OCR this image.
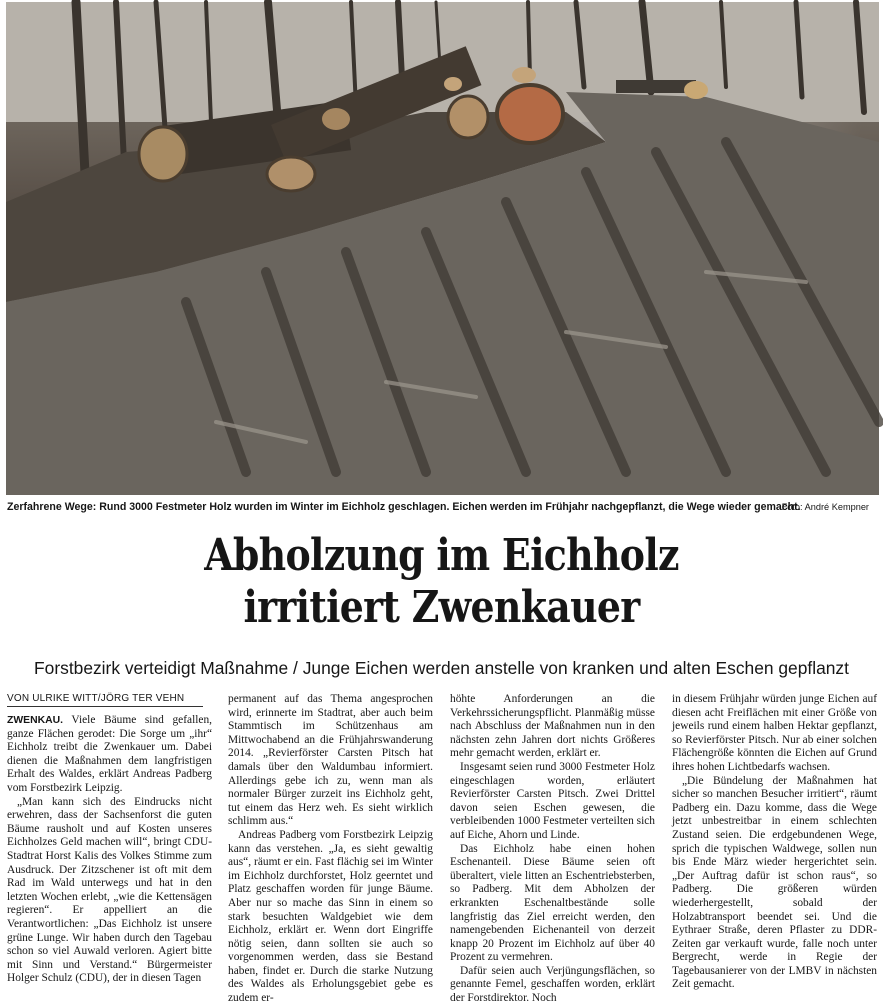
Zerfahrene Wege: Rund 3000 Festmeter Holz wurden im Winter im Eichholz geschlagen. Eichen werden im Frühjahr nachgepflanzt, die Wege wieder gemacht.
Foto: André Kempner
Abholzung im Eichholz
irritiert Zwenkauer

Forstbezirk verteidigt Maßnahme / Junge Eichen werden anstelle von kranken und alten Eschen gepflanzt

VON ULRIKE WITT/JÖRG TER VEHN

ZWENKAU. Viele Bäume sind gefallen, ganze Flächen gerodet: Die Sorge um „ihr“ Eichholz treibt die Zwenkauer um. Dabei dienen die Maßnahmen dem langfristigen Erhalt des Waldes, erklärt Andreas Padberg vom Forstbezirk Leipzig.

„Man kann sich des Eindrucks nicht erwehren, dass der Sachsenforst die guten Bäume rausholt und auf Kosten unseres Eichholzes Geld machen will“, bringt CDU-Stadtrat Horst Kalis des Volkes Stimme zum Ausdruck. Der Zitzschener ist oft mit dem Rad im Wald unterwegs und hat in den letzten Wochen erlebt, „wie die Kettensägen regieren“. Er appelliert an die Verantwortlichen: „Das Eichholz ist unsere grüne Lunge. Wir haben durch den Tagebau schon so viel Auwald verloren. Agiert bitte mit Sinn und Verstand.“ Bürgermeister Holger Schulz (CDU), der in diesen Tagen

permanent auf das Thema angesprochen wird, erinnerte im Stadtrat, aber auch beim Stammtisch im Schützenhaus am Mittwochabend an die Frühjahrswanderung 2014. „Revierförster Carsten Pitsch hat damals über den Waldumbau informiert. Allerdings gebe ich zu, wenn man als normaler Bürger zurzeit ins Eichholz geht, tut einem das Herz weh. Es sieht wirklich schlimm aus.“

Andreas Padberg vom Forstbezirk Leipzig kann das verstehen. „Ja, es sieht gewaltig aus“, räumt er ein. Fast flächig sei im Winter im Eichholz durchforstet, Holz geerntet und Platz geschaffen worden für junge Bäume. Aber nur so mache das Sinn in einem so stark besuchten Waldgebiet wie dem Eichholz, erklärt er. Wenn dort Eingriffe nötig seien, dann sollten sie auch so vorgenommen werden, dass sie Bestand haben, findet er. Durch die starke Nutzung des Waldes als Erholungsgebiet gebe es zudem er-

höhte Anforderungen an die Verkehrssicherungspflicht. Planmäßig müsse nach Abschluss der Maßnahmen nun in den nächsten zehn Jahren dort nichts Größeres mehr gemacht werden, erklärt er.

Insgesamt seien rund 3000 Festmeter Holz eingeschlagen worden, erläutert Revierförster Carsten Pitsch. Zwei Drittel davon seien Eschen gewesen, die verbleibenden 1000 Festmeter verteilten sich auf Eiche, Ahorn und Linde.

Das Eichholz habe einen hohen Eschenanteil. Diese Bäume seien oft überaltert, viele litten an Eschentriebsterben, so Padberg. Mit dem Abholzen der erkrankten Eschenaltbestände solle langfristig das Ziel erreicht werden, den namengebenden Eichenanteil von derzeit knapp 20 Prozent im Eichholz auf über 40 Prozent zu vermehren.

Dafür seien auch Verjüngungsflächen, so genannte Femel, geschaffen worden, erklärt der Forstdirektor. Noch

in diesem Frühjahr würden junge Eichen auf diesen acht Freiflächen mit einer Größe von jeweils rund einem halben Hektar gepflanzt, so Revierförster Pitsch. Nur ab einer solchen Flächengröße könnten die Eichen auf Grund ihres hohen Lichtbedarfs wachsen.

„Die Bündelung der Maßnahmen hat sicher so manchen Besucher irritiert“, räumt Padberg ein. Dazu komme, dass die Wege jetzt unbestreitbar in einem schlechten Zustand seien. Die erdgebundenen Wege, sprich die typischen Waldwege, sollen nun bis Ende März wieder hergerichtet sein. „Der Auftrag dafür ist schon raus“, so Padberg. Die größeren würden wiederhergestellt, sobald der Holzabtransport beendet sei. Und die Eythraer Straße, deren Pflaster zu DDR-Zeiten gar verkauft wurde, falle noch unter Bergrecht, werde in Regie der Tagebausanierer von der LMBV in nächsten Zeit gemacht.
